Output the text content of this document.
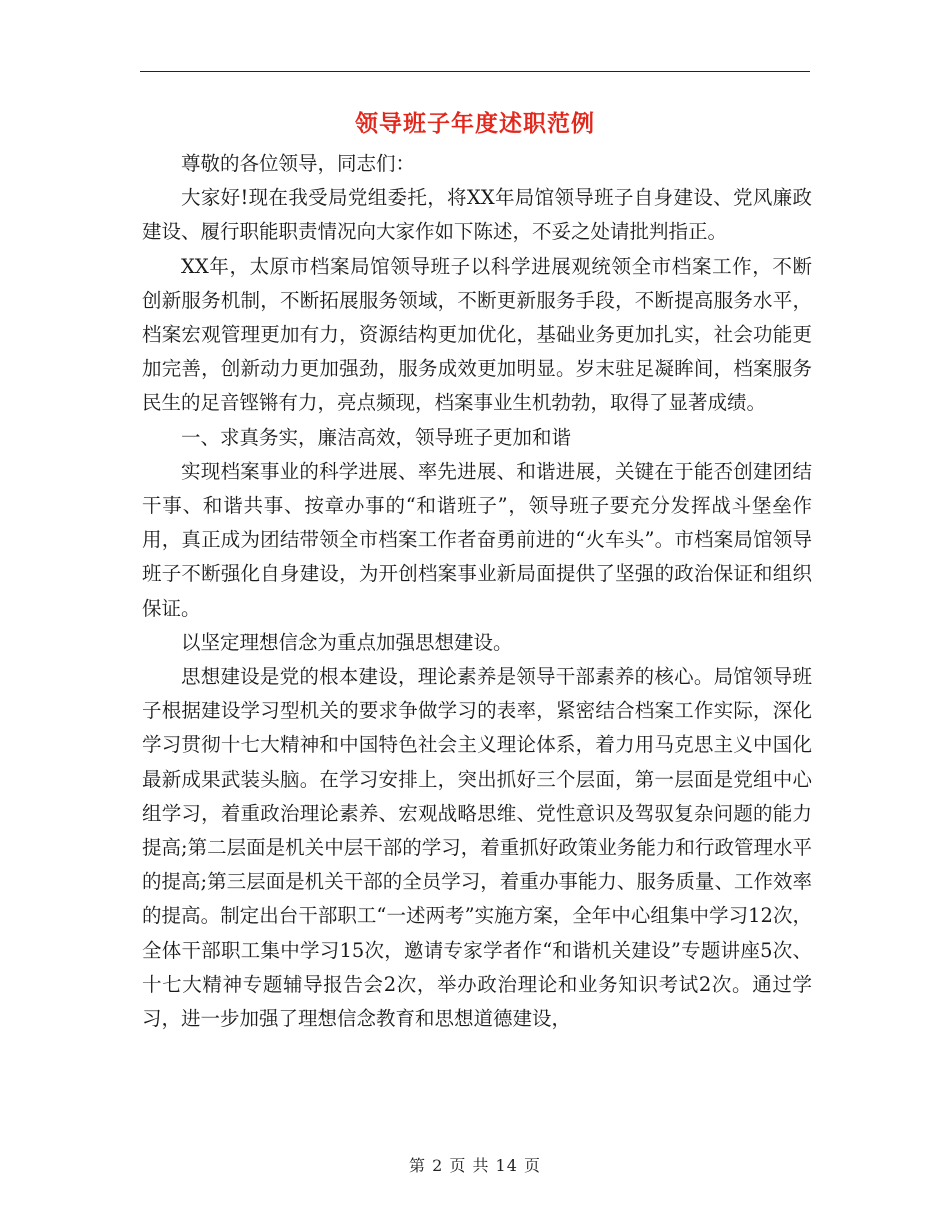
领导班子年度述职范例

尊敬的各位领导，同志们：

大家好!现在我受局党组委托，将XX年局馆领导班子自身建设、党风廉政建设、履行职能职责情况向大家作如下陈述，不妥之处请批判指正。

XX年，太原市档案局馆领导班子以科学进展观统领全市档案工作，不断创新服务机制，不断拓展服务领域，不断更新服务手段，不断提高服务水平，档案宏观管理更加有力，资源结构更加优化，基础业务更加扎实，社会功能更加完善，创新动力更加强劲，服务成效更加明显。岁末驻足凝眸间，档案服务民生的足音铿锵有力，亮点频现，档案事业生机勃勃，取得了显著成绩。

一、求真务实，廉洁高效，领导班子更加和谐

实现档案事业的科学进展、率先进展、和谐进展，关键在于能否创建团结干事、和谐共事、按章办事的“和谐班子”，领导班子要充分发挥战斗堡垒作用，真正成为团结带领全市档案工作者奋勇前进的“火车头”。市档案局馆领导班子不断强化自身建设，为开创档案事业新局面提供了坚强的政治保证和组织保证。

以坚定理想信念为重点加强思想建设。

思想建设是党的根本建设，理论素养是领导干部素养的核心。局馆领导班子根据建设学习型机关的要求争做学习的表率，紧密结合档案工作实际，深化学习贯彻十七大精神和中国特色社会主义理论体系，着力用马克思主义中国化最新成果武装头脑。在学习安排上，突出抓好三个层面，第一层面是党组中心组学习，着重政治理论素养、宏观战略思维、党性意识及驾驭复杂问题的能力提高;第二层面是机关中层干部的学习，着重抓好政策业务能力和行政管理水平的提高;第三层面是机关干部的全员学习，着重办事能力、服务质量、工作效率的提高。制定出台干部职工“一述两考”实施方案，全年中心组集中学习12次，全体干部职工集中学习15次，邀请专家学者作“和谐机关建设”专题讲座5次、十七大精神专题辅导报告会2次，举办政治理论和业务知识考试2次。通过学习，进一步加强了理想信念教育和思想道德建设，

第 2 页 共 14 页
